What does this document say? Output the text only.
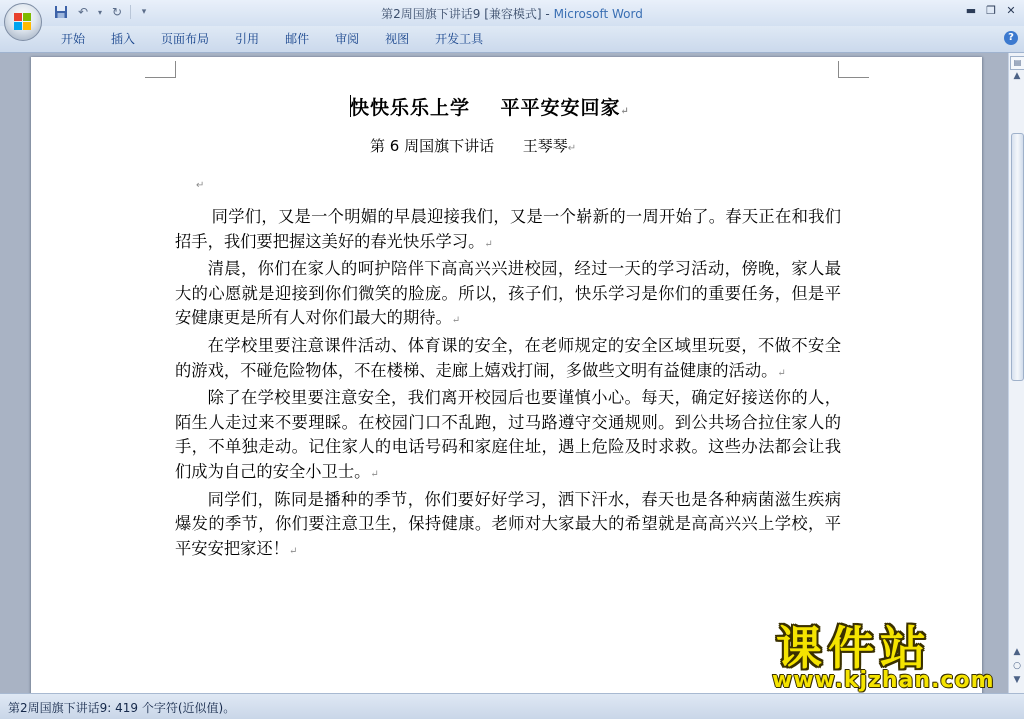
↶	▾ ↻	▾	第2周国旗下讲话9 [兼容模式] - Microsoft Word	▬ ❐ ✕
开始	插入	页面布局	引用	邮件	审阅	视图	开发工具	?
快快乐乐上学    平平安安回家↵
第 6 周国旗下讲话      王琴琴↵
↵

同学们，又是一个明媚的早晨迎接我们，又是一个崭新的一周开始了。春天正在和我们招手，我们要把握这美好的春光快乐学习。↵

清晨，你们在家人的呵护陪伴下高高兴兴进校园，经过一天的学习活动，傍晚，家人最大的心愿就是迎接到你们微笑的脸庞。所以，孩子们，快乐学习是你们的重要任务，但是平安健康更是所有人对你们最大的期待。↵

在学校里要注意课件活动、体育课的安全，在老师规定的安全区域里玩耍，不做不安全的游戏，不碰危险物体，不在楼梯、走廊上嬉戏打闹，多做些文明有益健康的活动。↵

除了在学校里要注意安全，我们离开校园后也要谨慎小心。每天，确定好接送你的人，陌生人走过来不要理睬。在校园门口不乱跑，过马路遵守交通规则。到公共场合拉住家人的手，不单独走动。记住家人的电话号码和家庭住址，遇上危险及时求救。这些办法都会让我们成为自己的安全小卫士。↵

同学们，陈同是播种的季节，你们要好好学习，洒下汗水，春天也是各种病菌滋生疾病爆发的季节，你们要注意卫生，保持健康。老师对大家最大的希望就是高高兴兴上学校，平平安安把家还！↵

▤
▲
▲
○
▼
第2周国旗下讲话9: 419 个字符(近似值)。
课件站
www.kjzhan.com
